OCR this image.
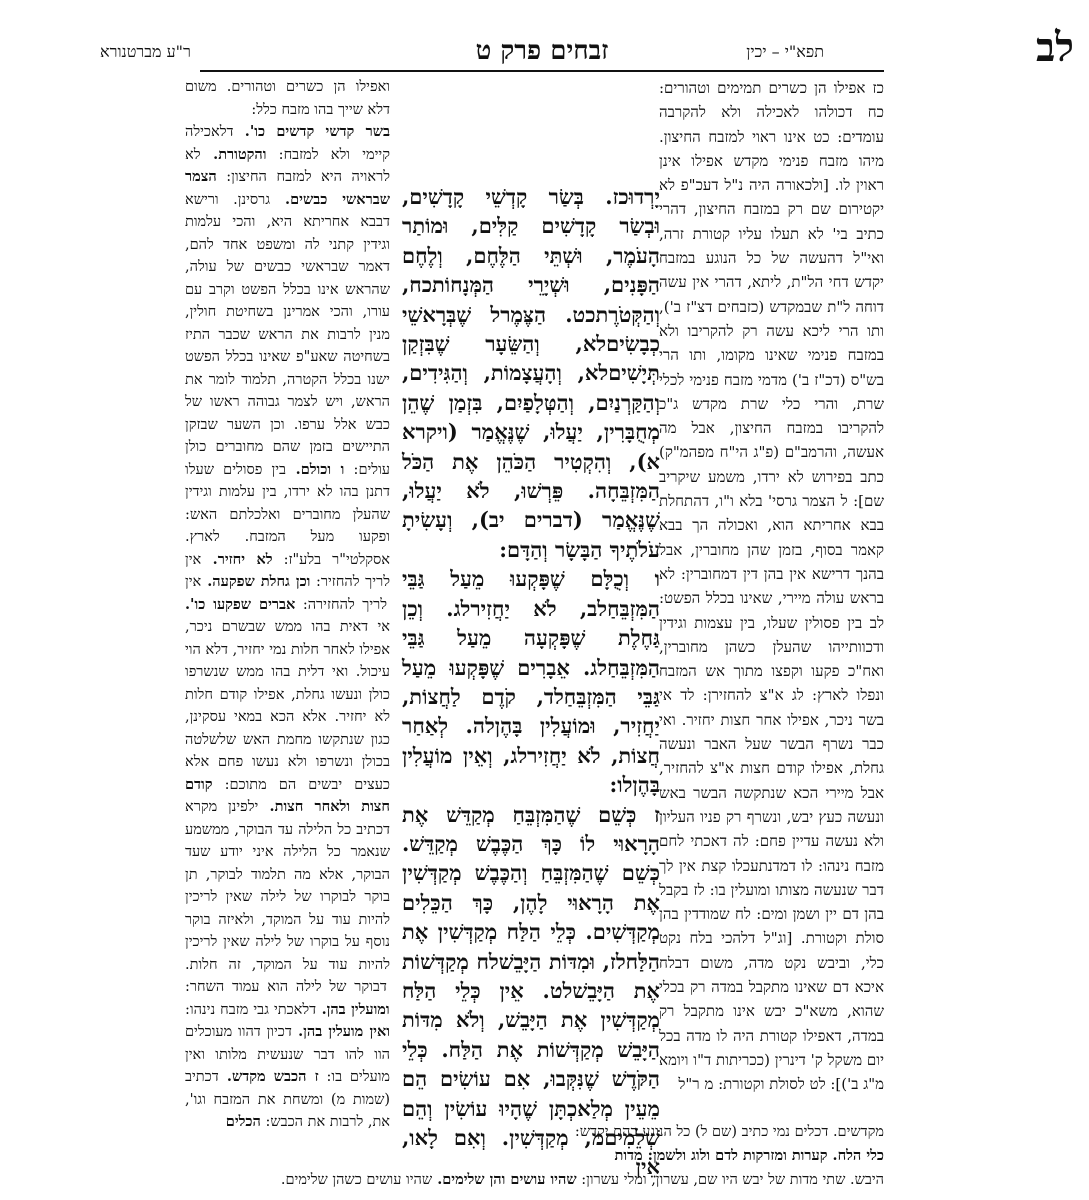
לב
תפא"י – יכין
זבחים פרק ט
ר"ע מברטנורא

כז אפילו הן כשרים תמימים וטהורים: כח דכולהו לאכילה ולא להקרבה עומדים: כט אינו ראוי למזבח החיצון. מיהו מזבח פנימי מקדש אפילו אינן ראוין לו. [ולכאורה היה נ"ל דעכ"פ לא יקטירום שם רק במזבח החיצון, דהרי כתיב בי' לא תעלו עליו קטורת זרה, ואי"ל דהעשה של כל הנוגע במזבח יקדש דחי הל"ת, ליתא, דהרי אין עשה דוחה ל"ת שבמקדש (כזבחים דצ"ז ב'), ותו הרי ליכא עשה רק להקריבו ולא במזבח פנימי שאינו מקומו, ותו הרי בש"ס (דכ"ז ב') מדמי מזבח פנימי לכלי שרת, והרי כלי שרת מקדש ג"כ להקריבו במזבח החיצון, אבל מה אעשה, והרמב"ם (פ"ג הי"ח מפהמ"ק) כתב בפירוש לא ירדו, משמע שיקריב שם]: ל הצמר גרסי' בלא ו"ו, דהתחלת בבא אחריתא הוא, ואכולה הך בבא קאמר בסוף, בזמן שהן מחוברין, אבל בהנך דרישא אין בהן דין דמחוברין: לא בראש עולה מיירי, שאינו בכלל הפשט: לב בין פסולין שעלו, בין עצמות וגידין ודכוותייהו שהעלן כשהן מחוברין, ואח"כ פקעו וקפצו מתוך אש המזבח ונפלו לארץ: לג א"צ להחזירן: לד אי בשר ניכר, אפילו אחר חצות יחזיר. ואי כבר נשרף הבשר שעל האבר ונעשה גחלת, אפילו קודם חצות א"צ להחזיר, אבל מיירי הכא שנתקשה הבשר באש ונעשה כעץ יבש, ונשרף רק פניו העליון ולא נעשה עדיין פחם: לה דאכתי לחם מזבח נינהו: לו דמדנתעכלו קצת אין לך דבר שנעשה מצותו ומועלין בו: לז בקבל בהן דם יין ושמן ומים: לח שמודדין בהן סולת וקטורת. [וג"ל דלהכי בלח נקט כלי, וביבש נקט מדה, משום דבלח איכא דם שאינו מתקבל במדה רק בכלי שהוא, משא"כ יבש אינו מתקבל רק במדה, דאפילו קטורת היה לו מדה בכל יום משקל ק' דינרין (ככריתות ד"ו ויומא מ"ג ב')]: לט לסולת וקטורת: מ ר"ל

יָרְדוּכז. בְּשַׂר קָדְשֵׁי קָדָשִׁים, וּבְשַׂר קָדָשִׁים קַלִּים, וּמוֹתַר הָעֹמֶר, וּשְׁתֵּי הַלֶּחֶם, וְלֶחֶם הַפָּנִים, וּשְׁיָרֵי הַמְּנָחוֹתכח, וְהַקְּטֹרֶתכט. הַצֶּמֶרל שֶׁבְּרָאשֵׁי כְבָשִׂיםלא, וְהַשֵּׂעָר שֶׁבִּזְקַן תְּיָשִׁיםלא, וְהָעֲצָמוֹת, וְהַגִּידִים, וְהַקַּרְנַיִם, וְהַטְּלָפַיִם, בִּזְמַן שֶׁהֵן מְחֻבָּרִין, יַעֲלוּ, שֶׁנֶּאֱמַר (ויקרא א), וְהִקְטִיר הַכֹּהֵן אֶת הַכֹּל הַמִּזְבֵּחָה. פֵּרְשׁוּ, לֹא יַעֲלוּ, שֶׁנֶּאֱמַר (דברים יב), וְעָשִׂיתָ עֹלֹתֶיךָ הַבָּשָׂר וְהַדָּם:

ו וְכֻלָּם שֶׁפָּקְעוּ מֵעַל גַּבֵּי הַמִּזְבֵּחַלב, לֹא יַחֲזִירלג. וְכֵן גַּחֶלֶת שֶׁפָּקְעָה מֵעַל גַּבֵּי הַמִּזְבֵּחַלג. אֵבָרִים שֶׁפָּקְעוּ מֵעַל גַּבֵּי הַמִּזְבֵּחַלד, קֹדֶם לַחֲצוֹת, יַחֲזִיר, וּמוֹעֲלִין בָּהֶןלה. לְאַחַר חֲצוֹת, לֹא יַחֲזִירלג, וְאֵין מוֹעֲלִין בָּהֶןלו:

ז כְּשֵׁם שֶׁהַמִּזְבֵּחַ מְקַדֵּשׁ אֶת הָרָאוּי לוֹ כָּךְ הַכֶּבֶשׁ מְקַדֵּשׁ. כְּשֵׁם שֶׁהַמִּזְבֵּחַ וְהַכֶּבֶשׁ מְקַדְּשִׁין אֶת הָרָאוּי לָהֶן, כָּךְ הַכֵּלִים מְקַדְּשִׁים. כְּלֵי הַלַּח מְקַדְּשִׁין אֶת הַלַּחלז, וּמִדּוֹת הַיָּבֵשׁלח מְקַדְּשׁוֹת אֶת הַיָּבֵשׁלט. אֵין כְּלֵי הַלַּח מְקַדְּשִׁין אֶת הַיָּבֵשׁ, וְלֹא מִדּוֹת הַיָּבֵשׁ מְקַדְּשׁוֹת אֶת הַלַּח. כְּלֵי הַקֹּדֶשׁ שֶׁנִּקְּבוּ, אִם עוֹשִׂים הֵם מֵעֵין מְלַאכְתָּן שֶׁהָיוּ עוֹשִׂין וְהֵם שְׁלֵמִיםמ, מְקַדְּשִׁין. וְאִם לָאו, אֵין

ואפילו הן כשרים וטהורים. משום דלא שייך בהו מזבח כלל:

בשר קדשי קדשים כו'. דלאכילה קיימי ולא למזבח: והקטורת. לא לראויה היא למזבח החיצון: הצמר שבראשי כבשים. גרסינן. ורישא דבבא אחריתא היא, והכי עלמות וגידין קתני לה ומשפט אחד להם, דאמר שבראשי כבשים של עולה, שהראש אינו בכלל הפשט וקרב עם עורו, והכי אמרינן בשחיטת חולין, מנין לרבות את הראש שכבר התיז בשחיטה שאע"פ שאינו בכלל הפשט ישנו בכלל הקטרה, תלמוד לומר את הראש, ויש לצמר גבוהה ראשו של כבש אלל ערפו. וכן השער שבזקן התיישים בזמן שהם מחוברים כולן עולים: ו וכולם. בין פסולים שעלו דתנן בהו לא ירדו, בין עלמות וגידין שהעלן מחוברים ואלכלתם האש: ופקעו מעל המזבח. לארץ. אסקלטי"ר בלע"ז: לא יחזיר. אין לריך להחזיר: וכן גחלת שפקעה. אין לריך להחזירה: אברים שפקעו כו'. אי דאית בהו ממש שבשרם ניכר, אפילו לאחר חלות נמי יחזיר, דלא הוי עיכול. ואי דלית בהו ממש שנשרפו כולן ונעשו גחלת, אפילו קודם חלות לא יחזיר. אלא הכא במאי עסקינן, כגון שנתקשו מחמת האש שלשלטה בכולן ונשרפו ולא נעשו פחם אלא כעצים יבשים הם מתוכם: קודם חצות ולאחר חצות. ילפינן מקרא דכתיב כל הלילה עד הבוקר, ממשמע שנאמר כל הלילה איני יודע שעד הבוקר, אלא מה תלמוד לבוקר, תן בוקר לבוקרו של לילה שאין לריכין להיות עוד על המוקד, ולאיזה בוקר נוסף על בוקרו של לילה שאין לריכין להיות עוד על המוקד, זה חלות. דבוקר של לילה הוא עמוד השחר: ומועלין בהן. דלאכתי גבי מזבח נינהו: ואין מועלין בהן. דכיון דהוו מעוכלים הוו להו דבר שנעשית מלותו ואין מועלים בו: ז הכבש מקדש. דכתיב (שמות מ) ומשחת את המזבח וגו', את, לרבות את הכבש: הכלים

מקדשים. דכלים נמי כתיב (שם ל) כל הנוגע בהם יקדש:
כלי הלח. קערות ומזרקות לדם ולוג ולשמן: מדות
היבש. שתי מדות של יבש היו שם, עשרון, ומלי עשרון: שהיו עושים והן שלימים. שהיו עושים כשהן שלימים.
